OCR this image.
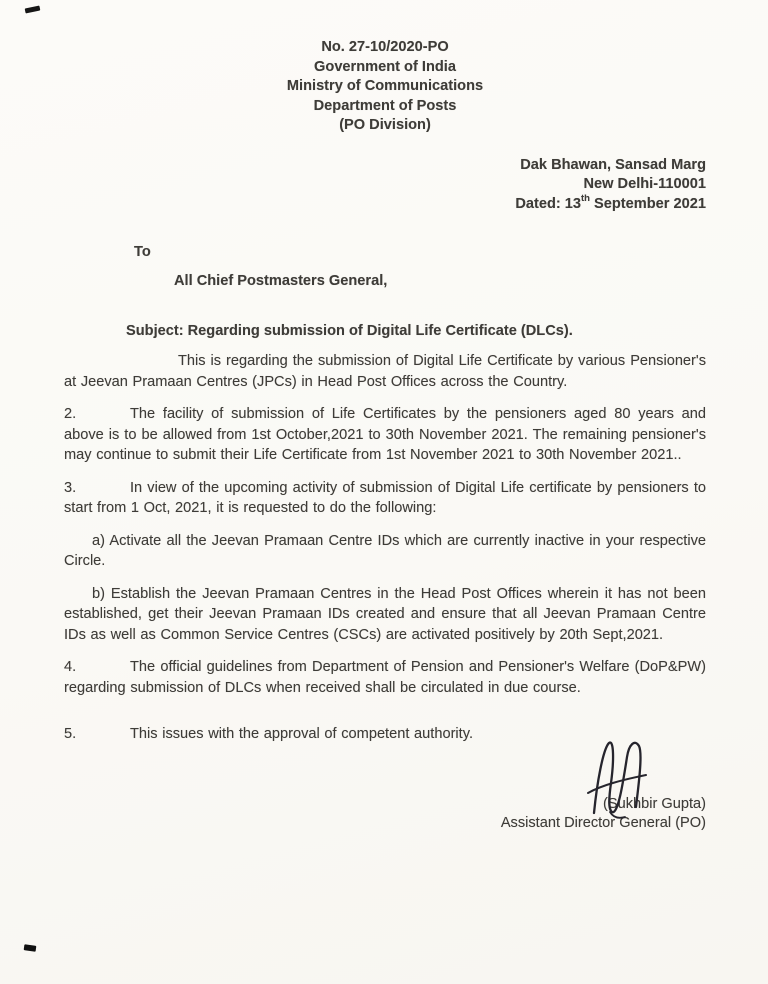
No. 27-10/2020-PO
Government of India
Ministry of Communications
Department of Posts
(PO Division)
Dak Bhawan, Sansad Marg
New Delhi-110001
Dated: 13th September 2021
To
All Chief Postmasters General,
Subject: Regarding submission of Digital Life Certificate (DLCs).

This is regarding the submission of Digital Life Certificate by various Pensioner's at Jeevan Pramaan Centres (JPCs) in Head Post Offices across the Country.

2.	The facility of submission of Life Certificates by the pensioners aged 80 years and above is to be allowed from 1st October,2021 to 30th November 2021. The remaining pensioner's may continue to submit their Life Certificate from 1st November 2021 to 30th November 2021..

3.	In view of the upcoming activity of submission of Digital Life certificate by pensioners to start from 1 Oct, 2021, it is requested to do the following:

a) Activate all the Jeevan Pramaan Centre IDs which are currently inactive in your respective Circle.

b) Establish the Jeevan Pramaan Centres in the Head Post Offices wherein it has not been established, get their Jeevan Pramaan IDs created and ensure that all Jeevan Pramaan Centre IDs as well as Common Service Centres (CSCs) are activated positively by 20th Sept,2021.

4.	The official guidelines from Department of Pension and Pensioner's Welfare (DoP&PW) regarding submission of DLCs when received shall be circulated in due course.

5.	This issues with the approval of competent authority.

(Sukhbir Gupta)
Assistant Director General (PO)
